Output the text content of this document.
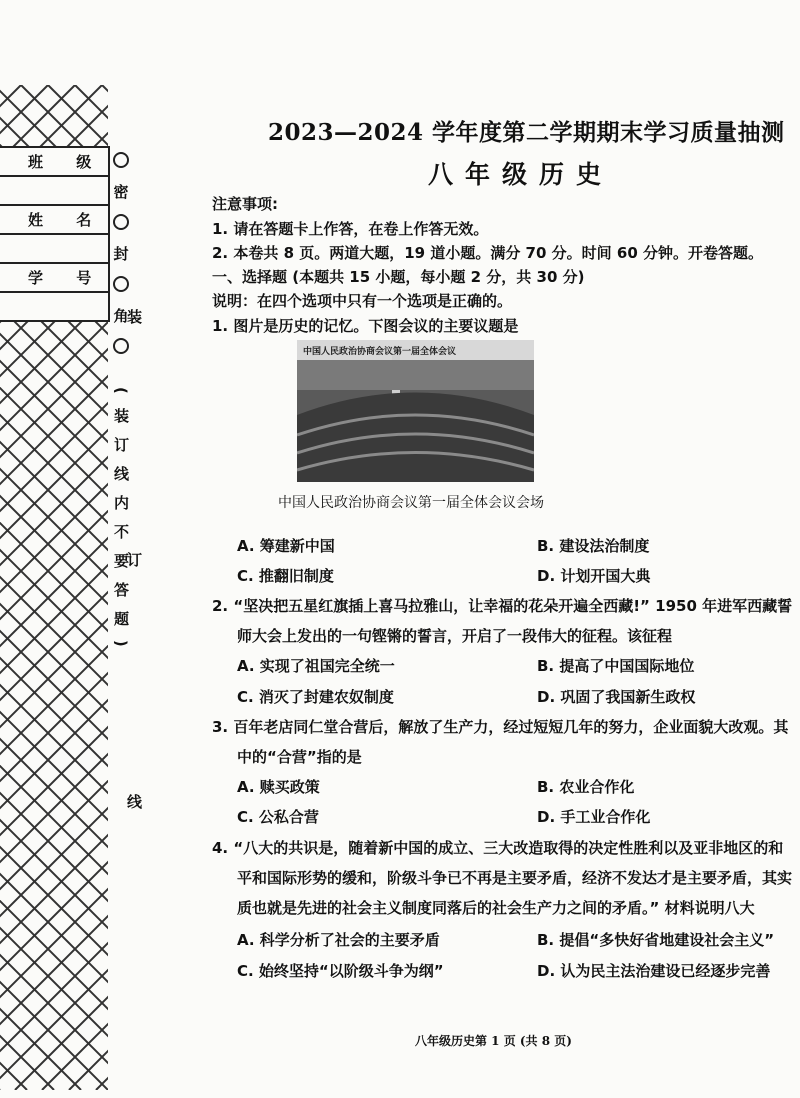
班 级
姓 名
学 号
密
封
角
(装订线内不要答题)
装
订
线
2023—2024 学年度第二学期期末学习质量抽测
八年级历史
注意事项:
1. 请在答题卡上作答，在卷上作答无效。
2. 本卷共 8 页。两道大题，19 道小题。满分 70 分。时间 60 分钟。开卷答题。
一、选择题 (本题共 15 小题，每小题 2 分，共 30 分)
说明：在四个选项中只有一个选项是正确的。
1. 图片是历史的记忆。下图会议的主要议题是
中国人民政治协商会议第一届全体会议
中国人民政治协商会议第一届全体会议会场
A. 筹建新中国	B. 建设法治制度
C. 推翻旧制度	D. 计划开国大典
2. “坚决把五星红旗插上喜马拉雅山，让幸福的花朵开遍全西藏!” 1950 年进军西藏誓
师大会上发出的一句铿锵的誓言，开启了一段伟大的征程。该征程
A. 实现了祖国完全统一	B. 提高了中国国际地位
C. 消灭了封建农奴制度	D. 巩固了我国新生政权
3. 百年老店同仁堂合营后，解放了生产力，经过短短几年的努力，企业面貌大改观。其
中的“合营”指的是
A. 赎买政策	B. 农业合作化
C. 公私合营	D. 手工业合作化
4. “八大的共识是，随着新中国的成立、三大改造取得的决定性胜利以及亚非地区的和
平和国际形势的缓和，阶级斗争已不再是主要矛盾，经济不发达才是主要矛盾，其实
质也就是先进的社会主义制度同落后的社会生产力之间的矛盾。” 材料说明八大
A. 科学分析了社会的主要矛盾	B. 提倡“多快好省地建设社会主义”
C. 始终坚持“以阶级斗争为纲”	D. 认为民主法治建设已经逐步完善
八年级历史第 1 页 (共 8 页)
